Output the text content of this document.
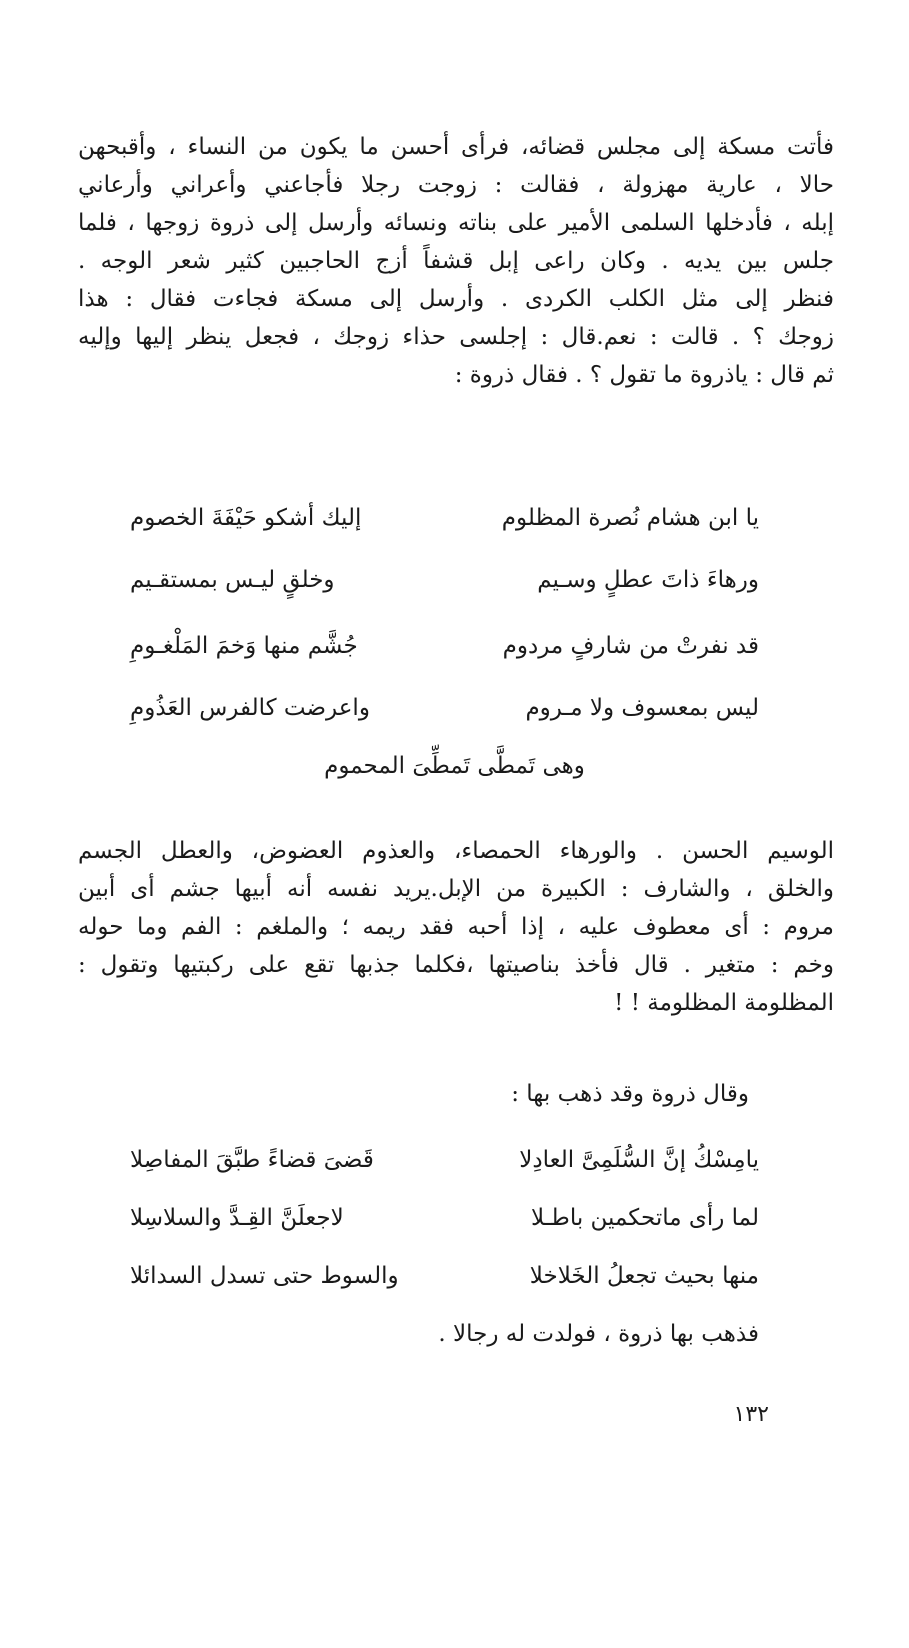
فأتت مسكة إلى مجلس قضائه، فرأى أحسن ما يكون من النساء ، وأقبحهن
حالا ، عارية مهزولة ، فقالت : زوجت رجلا فأجاعني وأعراني وأرعاني
إبله ، فأدخلها السلمى الأمير على بناته ونسائه وأرسل إلى ذروة زوجها ، فلما
جلس بين يديه . وكان راعى إبل قشفاً أزج الحاجبين كثير شعر الوجه .
فنظر إلى مثل الكلب الكردى . وأرسل إلى مسكة فجاءت فقال : هذا
زوجك ؟ . قالت : نعم.قال : إجلسى حذاء زوجك ، فجعل ينظر إليها وإليه
ثم قال : ياذروة ما تقول ؟ . فقال ذروة :
يا ابن هشام نُصرة المظلوم
إليك أشكو حَيْفَةَ الخصوم
ورهاءَ ذاتَ عطلٍ وسـيم
وخلقٍ ليـس بمستقـيم
قد نفرتْ من شارفٍ مردوم
جُشَّم منها وَخمَ المَلْغـومِ
ليس بمعسوف ولا مـروم
واعرضت كالفرس العَذُومِ
وهى تَمطَّى تَمطِّىَ المحموم
الوسيم الحسن . والورهاء الحمصاء، والعذوم العضوض، والعطل الجسم
والخلق ، والشارف : الكبيرة من الإبل.يريد نفسه أنه أبيها جشم أى أبين
مروم : أى معطوف عليه ، إذا أحبه فقد ريمه ؛ والملغم : الفم وما حوله
وخم : متغير . قال فأخذ بناصيتها ،فكلما جذبها تقع على ركبتيها وتقول :
المظلومة المظلومة ! !
وقال ذروة وقد ذهب بها :
يامِسْكُ إنَّ السُّلَمِىَّ العادِلا
قَضىَ قضاءً طبَّقَ المفاصِلا
لما رأى ماتحكمين باطـلا
لاجعلَنَّ القِـدَّ والسلاسِلا
منها بحيث تجعلُ الخَلاخلا
والسوط حتى تسدل السدائلا
فذهب بها ذروة ، فولدت له رجالا .
١٣٢
